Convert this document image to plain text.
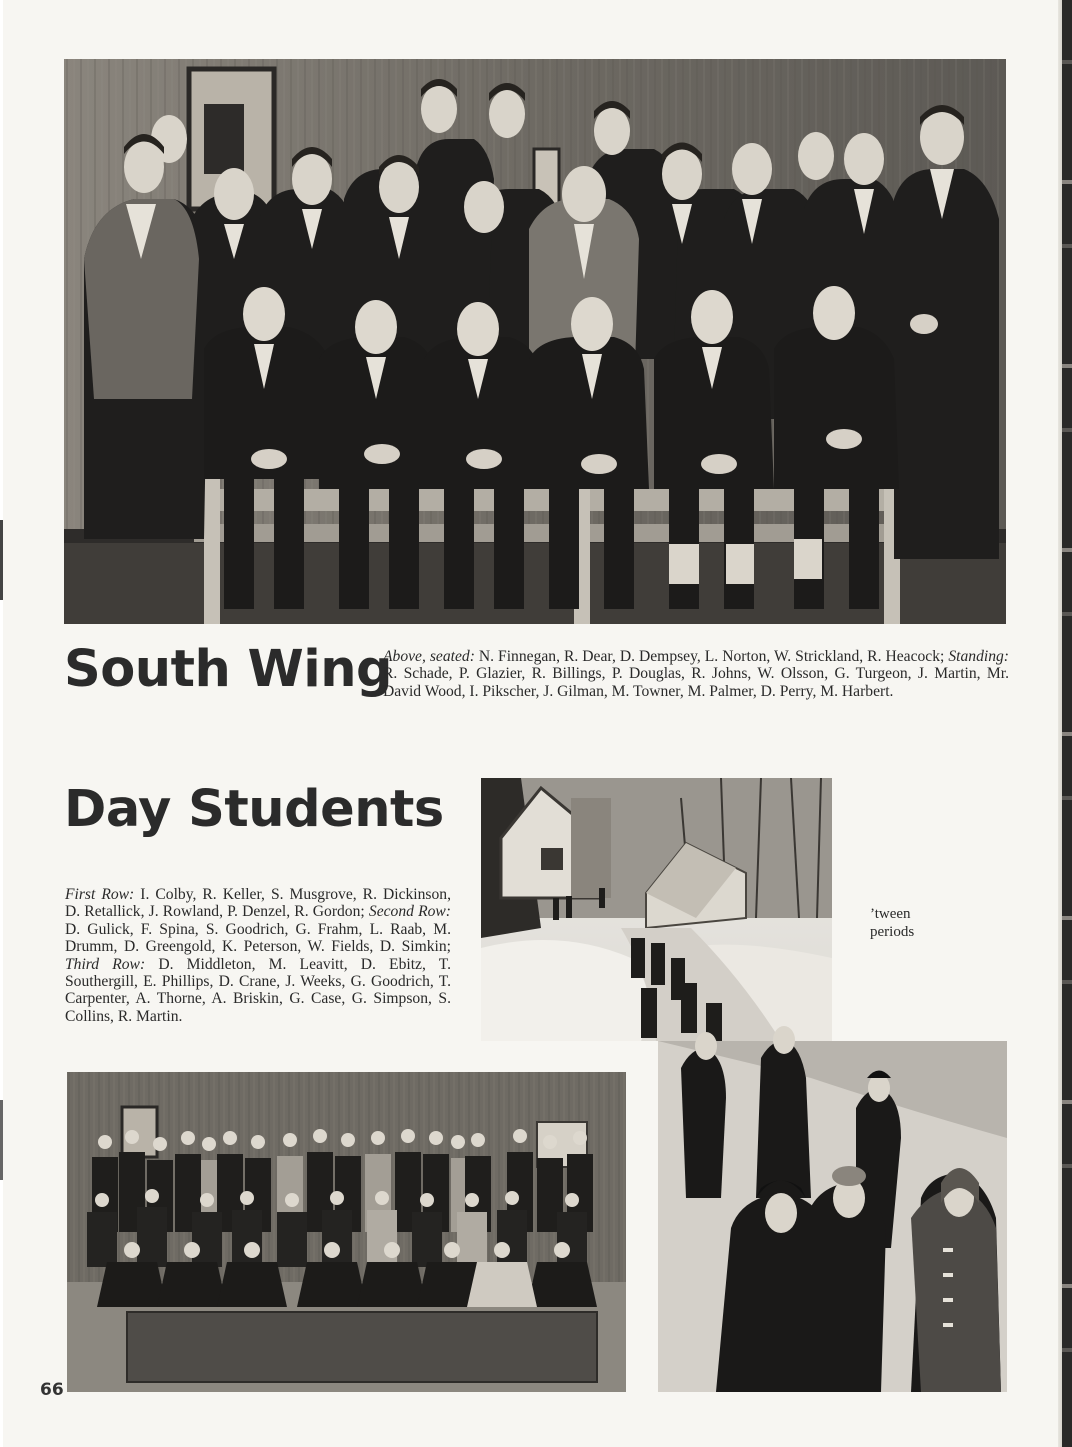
South Wing

Above, seated: N. Finnegan, R. Dear, D. Dempsey, L. Norton, W. Strickland, R. Heacock; Standing: R. Schade, P. Glazier, R. Billings, P. Douglas, R. Johns, W. Olsson, G. Turgeon, J. Martin, Mr. David Wood, I. Pikscher, J. Gilman, M. Towner, M. Palmer, D. Perry, M. Harbert.

Day Students

First Row: I. Colby, R. Keller, S. Musgrove, R. Dickinson, D. Retallick, J. Rowland, P. Denzel, R. Gordon; Second Row: D. Gulick, F. Spina, S. Goodrich, G. Frahm, L. Raab, M. Drumm, D. Greengold, K. Peterson, W. Fields, D. Simkin; Third Row: D. Middleton, M. Leavitt, D. Ebitz, T. Southergill, E. Phillips, D. Crane, J. Weeks, G. Goodrich, T. Carpenter, A. Thorne, A. Briskin, G. Case, G. Simpson, S. Collins, R. Martin.

’tween
periods
66
